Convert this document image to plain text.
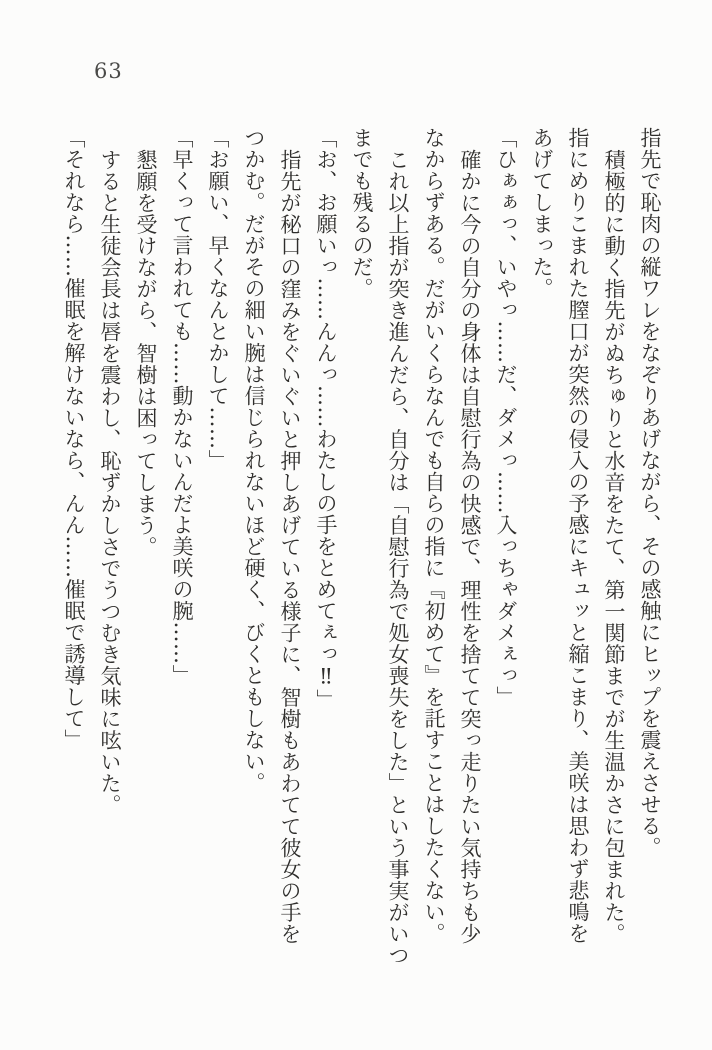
63

指先で恥肉の縦ワレをなぞりあげながら、その感触にヒップを震えさせる。

積極的に動く指先がぬちゅりと水音をたて、第一関節までが生温かさに包まれた。

指にめりこまれた膣口が突然の侵入の予感にキュッと縮こまり、美咲は思わず悲鳴を

あげてしまった。

「ひぁぁっ、いやっ……だ、ダメっ……入っちゃダメぇっ」

確かに今の自分の身体は自慰行為の快感で、理性を捨てて突っ走りたい気持ちも少

なからずある。だがいくらなんでも自らの指に『初めて』を託すことはしたくない。

これ以上指が突き進んだら、自分は「自慰行為で処女喪失をした」という事実がいつ

までも残るのだ。

「お、お願いっ……んんっ……わたしの手をとめてぇっ‼」

指先が秘口の窪みをぐいぐいと押しあげている様子に、智樹もあわてて彼女の手を

つかむ。だがその細い腕は信じられないほど硬く、びくともしない。

「お願い、早くなんとかして……」

「早くって言われても……動かないんだよ美咲の腕……」

懇願を受けながら、智樹は困ってしまう。

すると生徒会長は唇を震わし、恥ずかしさでうつむき気味に呟いた。

「それなら……催眠を解けないなら、んん……催眠で誘導して」
